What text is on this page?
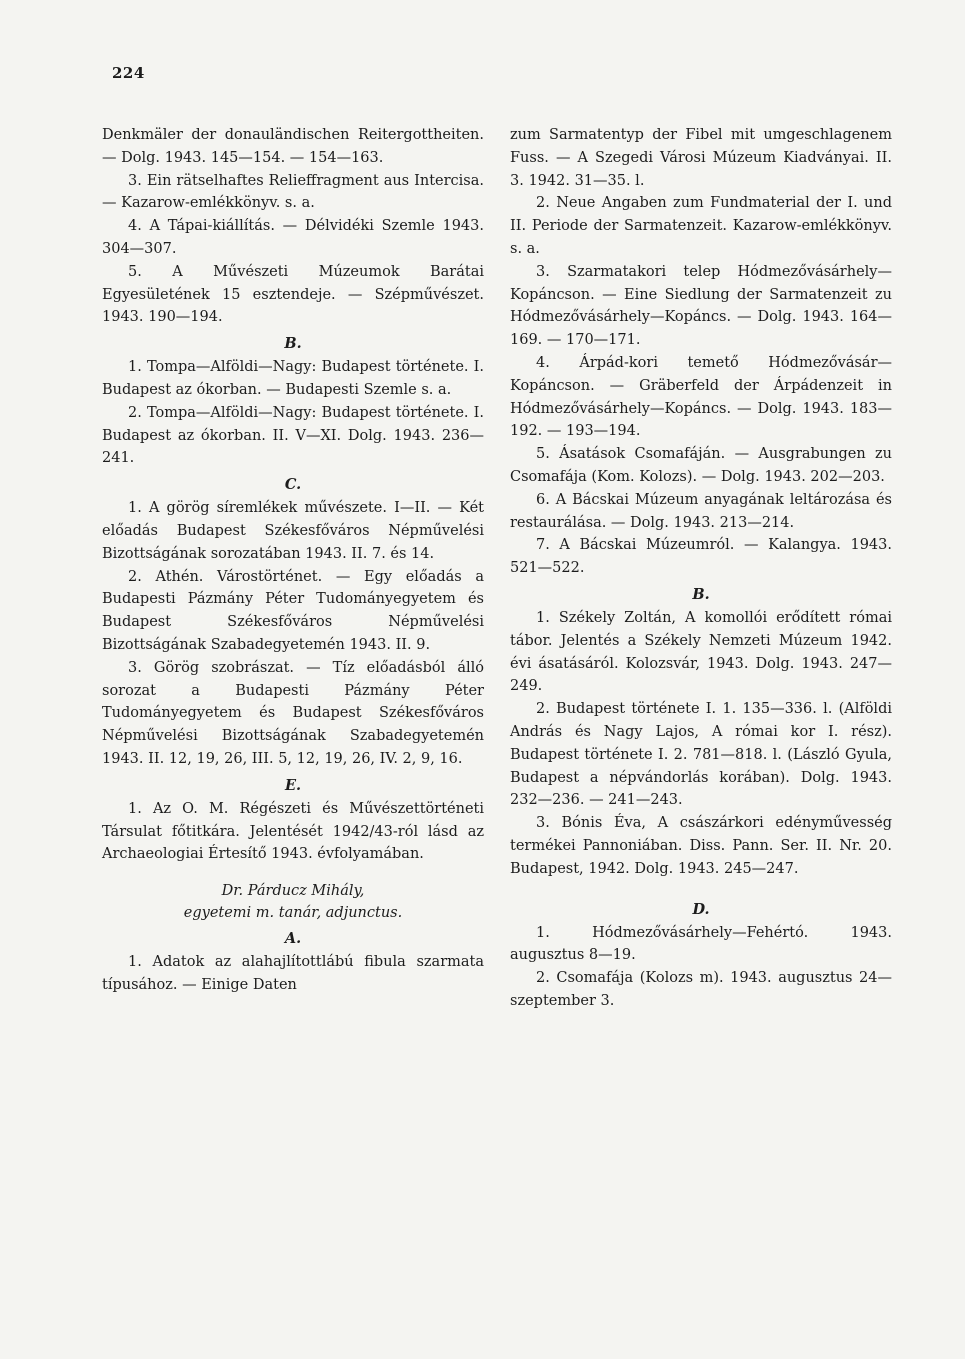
224

Denkmäler der donauländischen Reitergottheiten. — Dolg. 1943. 145—154. — 154—163.

3. Ein rätselhaftes Relieffragment aus Intercisa. — Kazarow-emlékkönyv. s. a.

4. A Tápai-kiállítás. — Délvidéki Szemle 1943. 304—307.

5. A Művészeti Múzeumok Barátai Egyesületének 15 esztendeje. — Szépművészet. 1943. 190—194.

B.

1. Tompa—Alföldi—Nagy: Budapest története. I. Budapest az ókorban. — Budapesti Szemle s. a.

2. Tompa—Alföldi—Nagy: Budapest története. I. Budapest az ókorban. II. V—XI. Dolg. 1943. 236—241.

C.

1. A görög síremlékek művészete. I—II. — Két előadás Budapest Székesfőváros Népművelési Bizottságának sorozatában 1943. II. 7. és 14.

2. Athén. Várostörténet. — Egy előadás a Budapesti Pázmány Péter Tudományegyetem és Budapest Székesfőváros Népművelési Bizottságának Szabadegyetemén 1943. II. 9.

3. Görög szobrászat. — Tíz előadásból álló sorozat a Budapesti Pázmány Péter Tudományegyetem és Budapest Székesfőváros Népművelési Bizottságának Szabadegyetemén 1943. II. 12, 19, 26, III. 5, 12, 19, 26, IV. 2, 9, 16.

E.

1. Az O. M. Régészeti és Művészettörténeti Társulat főtitkára. Jelentését 1942/43-ról lásd az Archaeologiai Értesítő 1943. évfolyamában.

Dr. Párducz Mihály,
egyetemi m. tanár, adjunctus.
A.

1. Adatok az alahajlítottlábú fibula szarmata típusához. — Einige Daten

zum Sarmatentyp der Fibel mit umgeschlagenem Fuss. — A Szegedi Városi Múzeum Kiadványai. II. 3. 1942. 31—35. l.

2. Neue Angaben zum Fundmaterial der I. und II. Periode der Sarmatenzeit. Kazarow-emlékkönyv. s. a.

3. Szarmatakori telep Hódmezővásárhely—Kopáncson. — Eine Siedlung der Sarmatenzeit zu Hódmezővásárhely—Kopáncs. — Dolg. 1943. 164—169. — 170—171.

4. Árpád-kori temető Hódmezővásár—Kopáncson. — Gräberfeld der Árpádenzeit in Hódmezővásárhely—Kopáncs. — Dolg. 1943. 183—192. — 193—194.

5. Ásatások Csomafáján. — Ausgrabungen zu Csomafája (Kom. Kolozs). — Dolg. 1943. 202—203.

6. A Bácskai Múzeum anyagának leltározása és restaurálása. — Dolg. 1943. 213—214.

7. A Bácskai Múzeumról. — Kalangya. 1943. 521—522.

B.

1. Székely Zoltán, A komollói erődített római tábor. Jelentés a Székely Nemzeti Múzeum 1942. évi ásatásáról. Kolozsvár, 1943. Dolg. 1943. 247—249.

2. Budapest története I. 1. 135—336. l. (Alföldi András és Nagy Lajos, A római kor I. rész). Budapest története I. 2. 781—818. l. (László Gyula, Budapest a népvándorlás korában). Dolg. 1943. 232—236. — 241—243.

3. Bónis Éva, A császárkori edényművesség termékei Pannoniában. Diss. Pann. Ser. II. Nr. 20. Budapest, 1942. Dolg. 1943. 245—247.

D.

1. Hódmezővásárhely—Fehértó. 1943. augusztus 8—19.

2. Csomafája (Kolozs m). 1943. augusztus 24—szeptember 3.
